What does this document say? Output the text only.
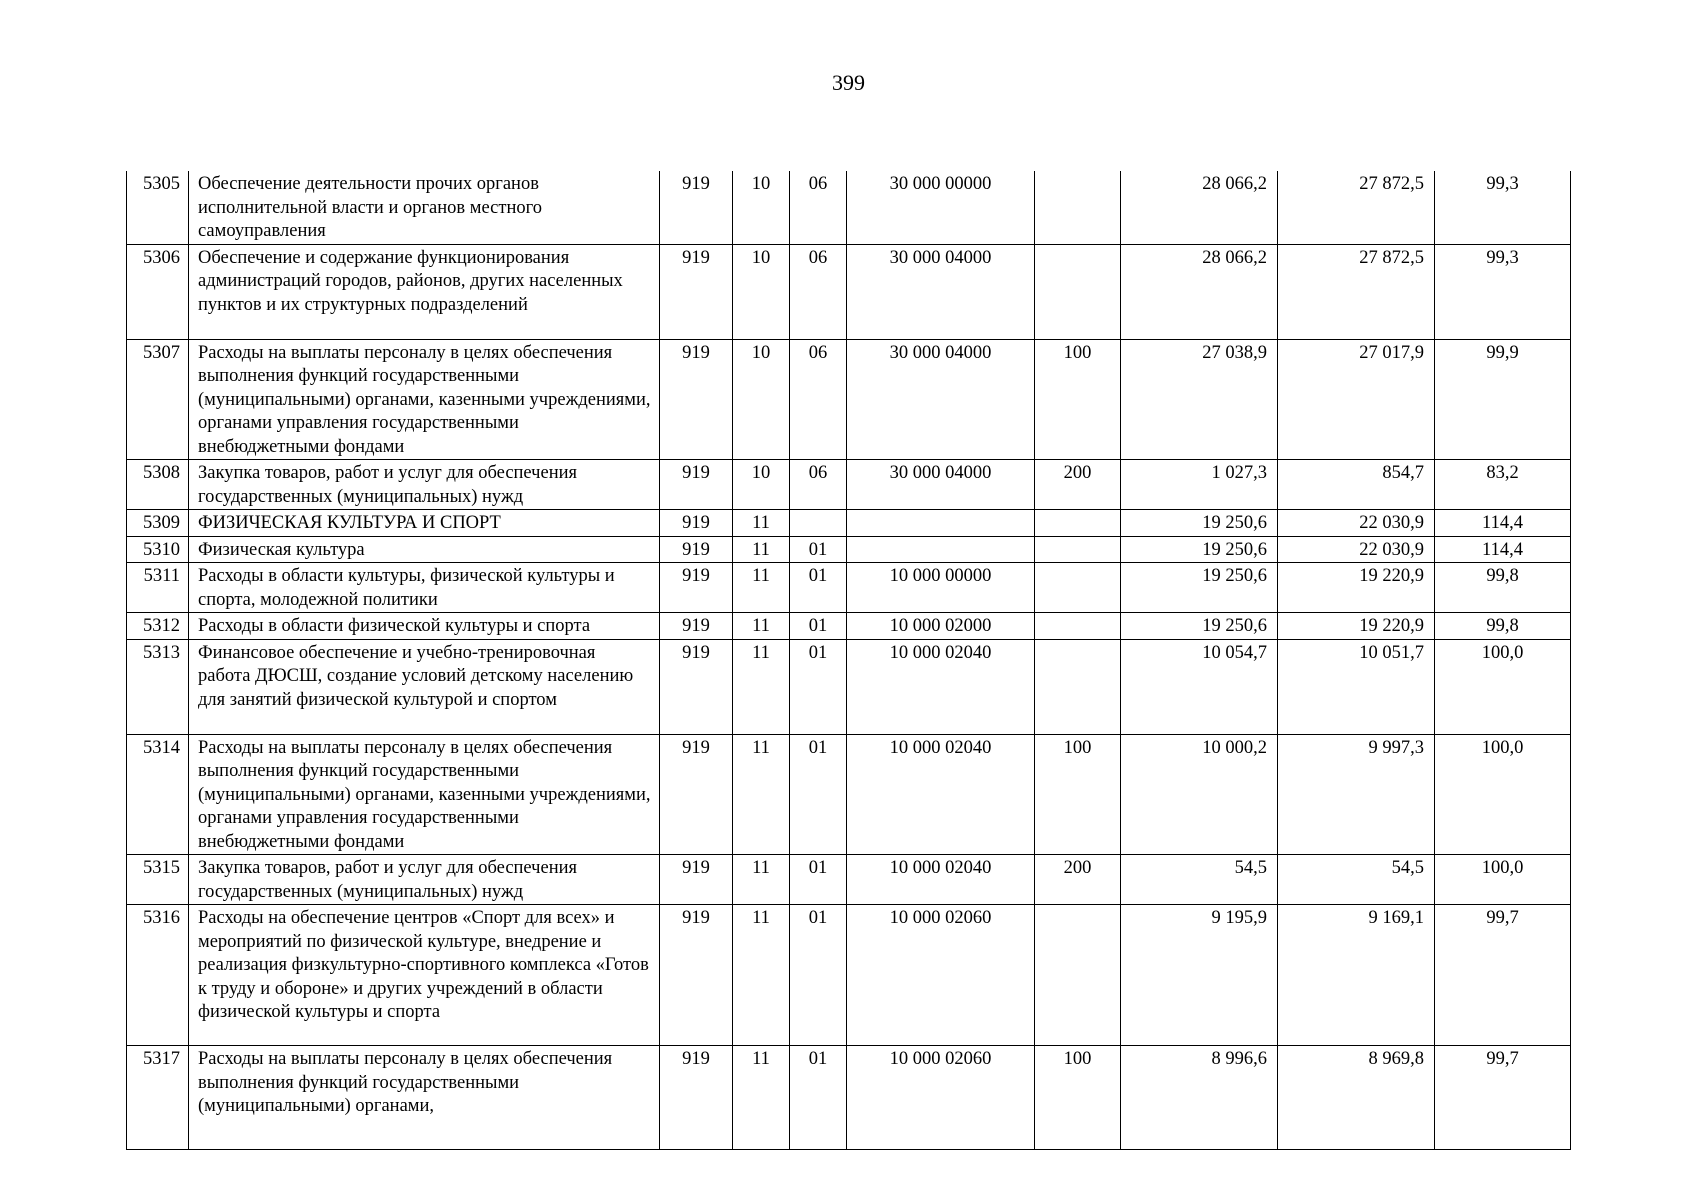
399
5305	Обеспечение деятельности прочих органов исполнительной власти и органов местного самоуправления	919	10	06	30 000 00000		28 066,2	27 872,5	99,3
5306	Обеспечение и содержание функционирования администраций городов, районов, других населенных пунктов и их структурных подразделений	919	10	06	30 000 04000		28 066,2	27 872,5	99,3
5307	Расходы на выплаты персоналу в целях обеспечения выполнения функций государственными (муниципальными) органами, казенными учреждениями, органами управления государственными внебюджетными фондами	919	10	06	30 000 04000	100	27 038,9	27 017,9	99,9
5308	Закупка товаров, работ и услуг для обеспечения государственных (муниципальных) нужд	919	10	06	30 000 04000	200	1 027,3	854,7	83,2
5309	ФИЗИЧЕСКАЯ КУЛЬТУРА И СПОРТ	919	11				19 250,6	22 030,9	114,4
5310	Физическая культура	919	11	01			19 250,6	22 030,9	114,4
5311	Расходы в области культуры, физической культуры и спорта, молодежной политики	919	11	01	10 000 00000		19 250,6	19 220,9	99,8
5312	Расходы в области физической культуры и спорта	919	11	01	10 000 02000		19 250,6	19 220,9	99,8
5313	Финансовое обеспечение и учебно-тренировочная работа ДЮСШ, создание условий детскому населению для занятий физической культурой и спортом	919	11	01	10 000 02040		10 054,7	10 051,7	100,0
5314	Расходы на выплаты персоналу в целях обеспечения выполнения функций государственными (муниципальными) органами, казенными учреждениями, органами управления государственными внебюджетными фондами	919	11	01	10 000 02040	100	10 000,2	9 997,3	100,0
5315	Закупка товаров, работ и услуг для обеспечения государственных (муниципальных) нужд	919	11	01	10 000 02040	200	54,5	54,5	100,0
5316	Расходы на обеспечение центров «Спорт для всех» и мероприятий по физической культуре, внедрение и реализация физкультурно-спортивного комплекса «Готов к труду и обороне» и других учреждений в области физической культуры и спорта	919	11	01	10 000 02060		9 195,9	9 169,1	99,7
5317	Расходы на выплаты персоналу в целях обеспечения выполнения функций государственными (муниципальными) органами,	919	11	01	10 000 02060	100	8 996,6	8 969,8	99,7
